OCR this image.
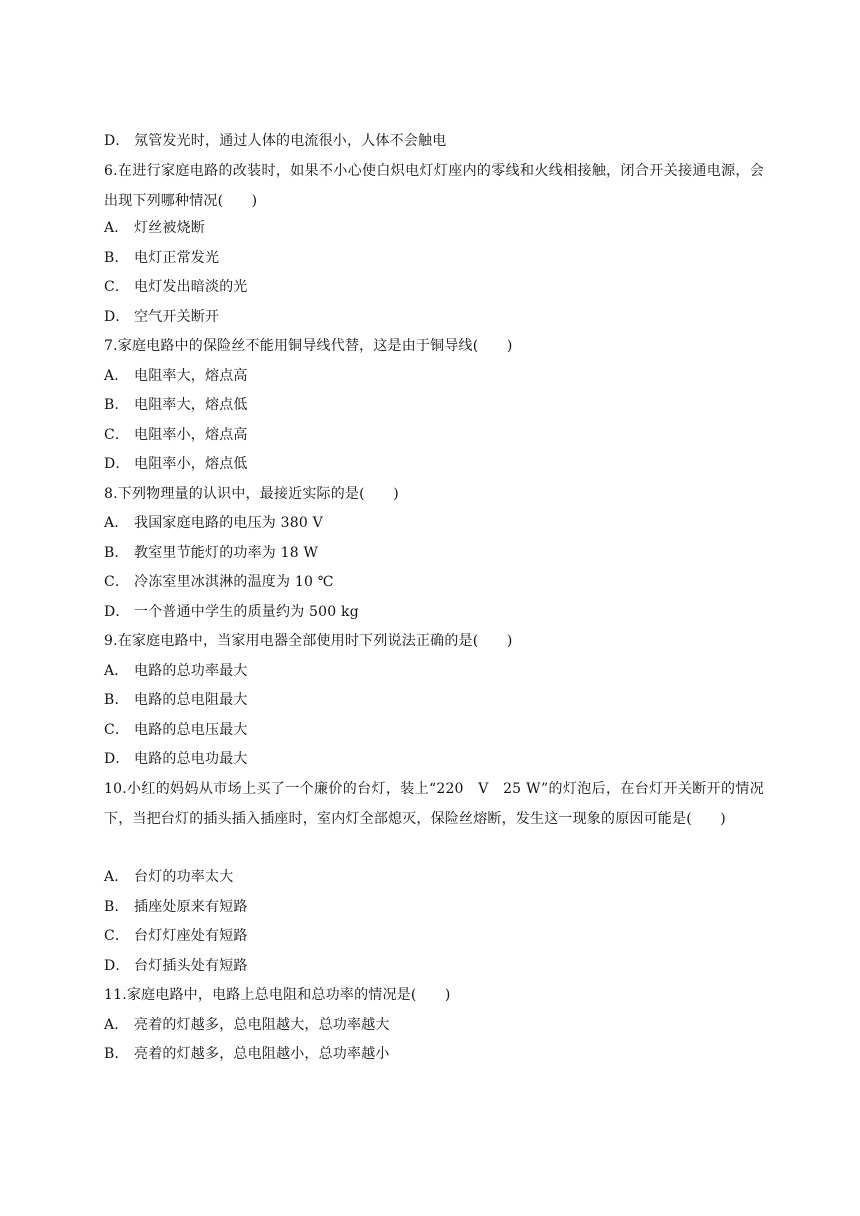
D． 氖管发光时，通过人体的电流很小，人体不会触电
6.在进行家庭电路的改装时，如果不小心使白炽电灯灯座内的零线和火线相接触，闭合开关接通电源，会出现下列哪种情况(　　)
A． 灯丝被烧断
B． 电灯正常发光
C． 电灯发出暗淡的光
D． 空气开关断开
7.家庭电路中的保险丝不能用铜导线代替，这是由于铜导线(　　)
A． 电阻率大，熔点高
B． 电阻率大，熔点低
C． 电阻率小，熔点高
D． 电阻率小，熔点低
8.下列物理量的认识中，最接近实际的是(　　)
A． 我国家庭电路的电压为 380 V
B． 教室里节能灯的功率为 18 W
C． 冷冻室里冰淇淋的温度为 10 ℃
D． 一个普通中学生的质量约为 500 kg
9.在家庭电路中，当家用电器全部使用时下列说法正确的是(　　)
A． 电路的总功率最大
B． 电路的总电阻最大
C． 电路的总电压最大
D． 电路的总电功最大
10.小红的妈妈从市场上买了一个廉价的台灯，装上“220　V　25 W”的灯泡后，在台灯开关断开的情况下，当把台灯的插头插入插座时，室内灯全部熄灭，保险丝熔断，发生这一现象的原因可能是(　　)
A． 台灯的功率太大
B． 插座处原来有短路
C． 台灯灯座处有短路
D． 台灯插头处有短路
11.家庭电路中，电路上总电阻和总功率的情况是(　　)
A． 亮着的灯越多，总电阻越大，总功率越大
B． 亮着的灯越多，总电阻越小，总功率越小
